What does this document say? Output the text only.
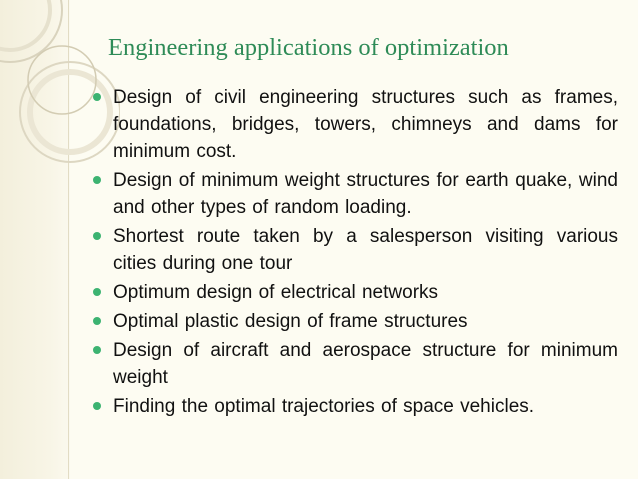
Engineering applications of optimization
Design of civil engineering structures such as frames, foundations, bridges, towers, chimneys and dams for minimum cost.
Design of minimum weight structures for earth quake, wind and other types of random loading.
Shortest route taken by a salesperson visiting various cities during one tour
Optimum design of electrical networks
Optimal plastic design of frame structures
Design of aircraft and aerospace structure for minimum weight
Finding the optimal trajectories of space vehicles.
